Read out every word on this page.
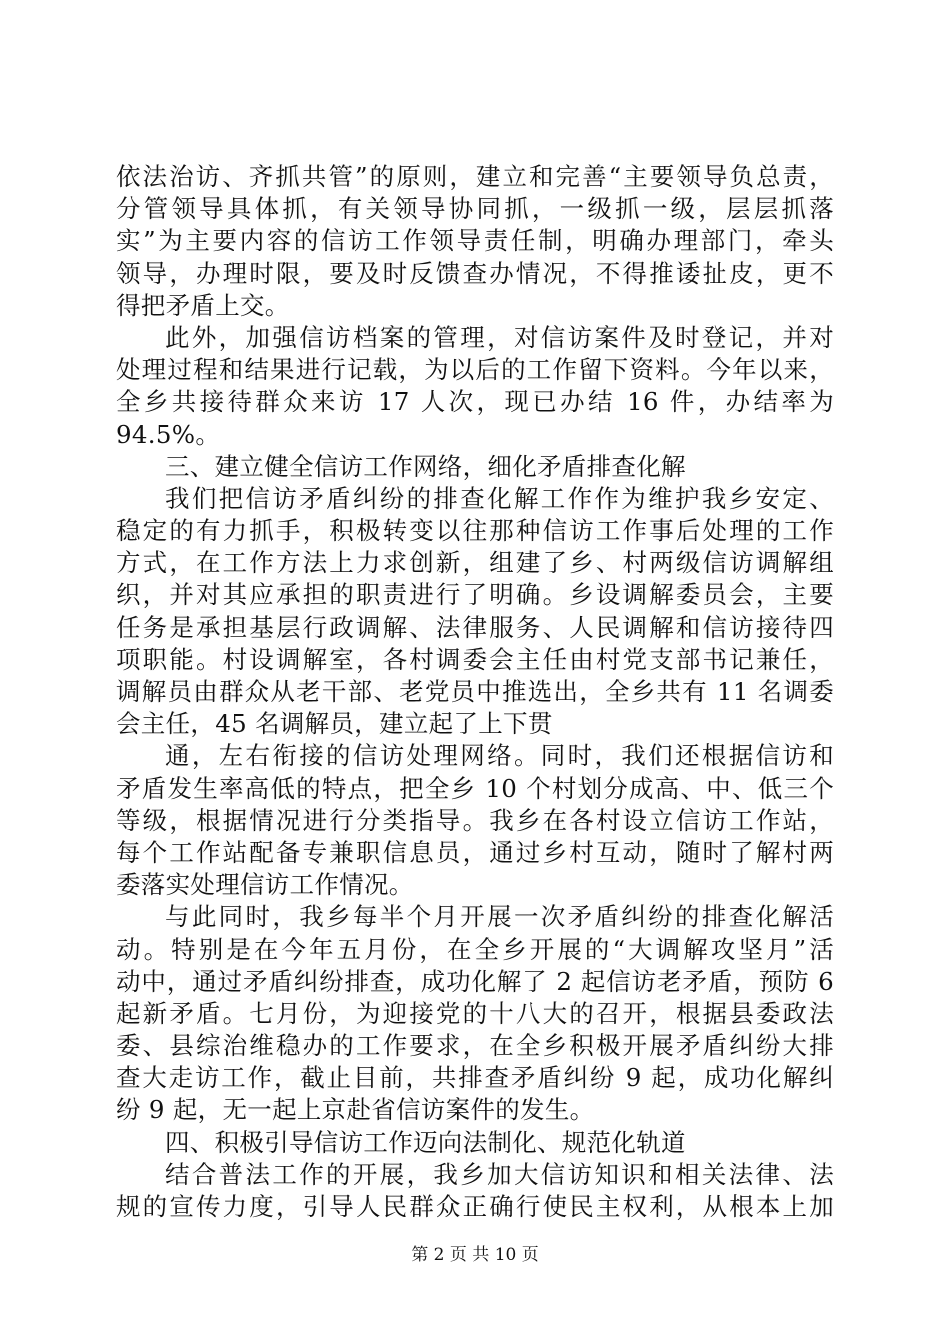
依法治访、齐抓共管”的原则，建立和完善“主要领导负总责，
分管领导具体抓，有关领导协同抓，一级抓一级，层层抓落
实”为主要内容的信访工作领导责任制，明确办理部门，牵头
领导，办理时限，要及时反馈查办情况，不得推诿扯皮，更不
得把矛盾上交。
此外，加强信访档案的管理，对信访案件及时登记，并对
处理过程和结果进行记载，为以后的工作留下资料。今年以来，
全乡共接待群众来访 17 人次，现已办结 16 件，办结率为
94.5%。
三、建立健全信访工作网络，细化矛盾排查化解
我们把信访矛盾纠纷的排查化解工作作为维护我乡安定、
稳定的有力抓手，积极转变以往那种信访工作事后处理的工作
方式，在工作方法上力求创新，组建了乡、村两级信访调解组
织，并对其应承担的职责进行了明确。乡设调解委员会，主要
任务是承担基层行政调解、法律服务、人民调解和信访接待四
项职能。村设调解室，各村调委会主任由村党支部书记兼任，
调解员由群众从老干部、老党员中推选出，全乡共有 11 名调委
会主任，45 名调解员，建立起了上下贯
通，左右衔接的信访处理网络。同时，我们还根据信访和
矛盾发生率高低的特点，把全乡 10 个村划分成高、中、低三个
等级，根据情况进行分类指导。我乡在各村设立信访工作站，
每个工作站配备专兼职信息员，通过乡村互动，随时了解村两
委落实处理信访工作情况。
与此同时，我乡每半个月开展一次矛盾纠纷的排查化解活
动。特别是在今年五月份，在全乡开展的“大调解攻坚月”活
动中，通过矛盾纠纷排查，成功化解了 2 起信访老矛盾，预防 6
起新矛盾。七月份，为迎接党的十八大的召开，根据县委政法
委、县综治维稳办的工作要求，在全乡积极开展矛盾纠纷大排
查大走访工作，截止目前，共排查矛盾纠纷 9 起，成功化解纠
纷 9 起，无一起上京赴省信访案件的发生。
四、积极引导信访工作迈向法制化、规范化轨道
结合普法工作的开展，我乡加大信访知识和相关法律、法
规的宣传力度，引导人民群众正确行使民主权利，从根本上加
第 2 页 共 10 页
